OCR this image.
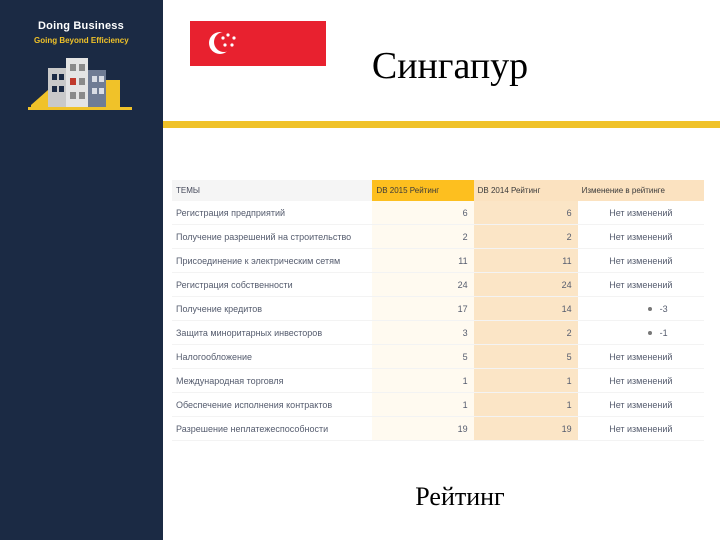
Doing Business
Going Beyond Efficiency
Сингапур
ТЕМЫ	DB 2015 Рейтинг	DB 2014 Рейтинг	Изменение в рейтинге
Регистрация предприятий	6	6	Нет изменений
Получение разрешений на строительство	2	2	Нет изменений
Присоединение к электрическим сетям	11	11	Нет изменений
Регистрация собственности	24	24	Нет изменений
Получение кредитов	17	14	-3
Защита миноритарных инвесторов	3	2	-1
Налогообложение	5	5	Нет изменений
Международная торговля	1	1	Нет изменений
Обеспечение исполнения контрактов	1	1	Нет изменений
Разрешение неплатежеспособности	19	19	Нет изменений
Рейтинг
